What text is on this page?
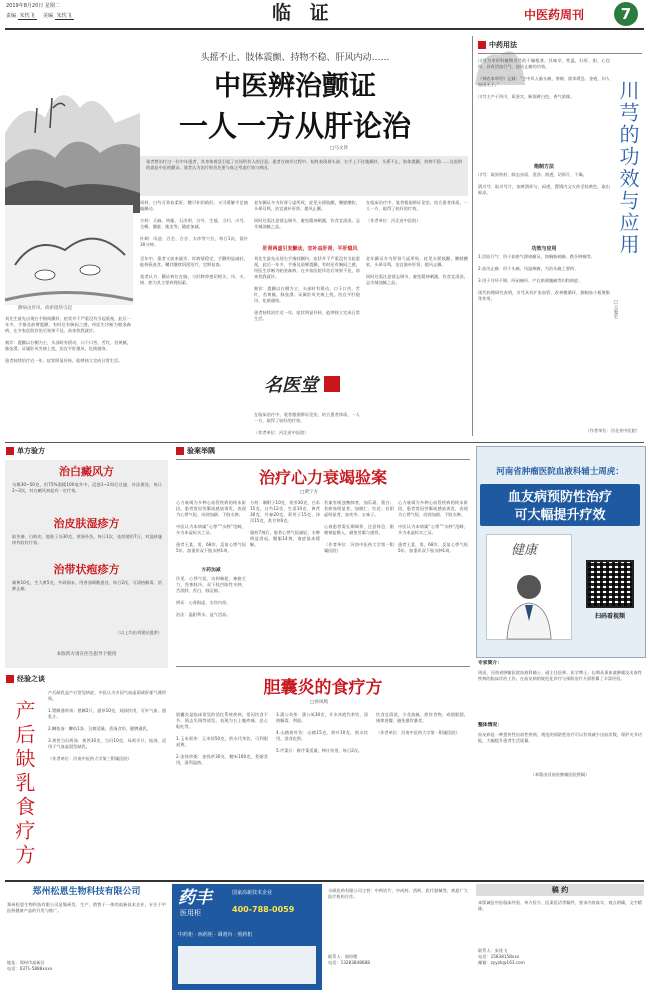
2019年8月20日 星期二
责编 朱忱飞 美编 朱忱飞	临 证	中医药周刊	7
头摇不止、肢体震颤、持物不稳、肝风内动……
中医辨治颤证
一人一方从肝论治
□马文侠
笔者曾治疗过一位中年患者，其身体着急引起了在场所有人的注意。患者在接诊过程中，始终表现着头部、右手上不住地颤抖，头摇不止、肢体震颤、持物不稳……这说明的就是中医的颤证。笔者认为治疗时首先要与真正考虑疗效与病因。
颤病由肝风、痰瘀阻络引起
刘先生最先出现右手指间颤抖，症状并不严重没有引起重视，此后一年多，手指及前臂震颤，有时还有胸闷之感，经医生诊断为帕金森病，在多家医院诊治后效果不佳，前来找我就诊。

刻诊：震颤以右侧为主，头部时有摇动，口干口苦，舌红，苔黄腻，脉弦滑。证属肝风夹痰上扰，治宜平肝熄风、化痰通络。

患者持续治疗近一年，症状明显好转，能够独立完成日常生活。
同样，白芍可养血柔肝，酸可补阴助肝。又可缓解手足抽搐颤动。

方药：天麻、钩藤、石决明、白芍、生地、当归、川芎、全蝎、僵蚕、地龙等，随症加减。

针刺：风池、百会、合谷、太冲等穴位，每日1次，留针30分钟。
老年颤证多为肝肾亏虚所致，症见头摇肢颤，腰膝酸软，头晕耳鸣，治宜滋补肝肾、熄风止颤。

同时还需注意情志调节，避免精神刺激，饮食宜清淡，忌辛辣油腻之品。
在临床治疗中，笔者根据辨证论治，结合患者体质，一人一方，取得了较好的疗效。

（作者单位：河北省中医院）
肝肾两虚引发颤动，宜补益肝肾、平肝熄风
至年中，患者又前来就诊，诉病情稳定，手颤明显减轻，能持筷进食。嘱其继续巩固治疗，定期复查。

笔者认为：颤证病位在脑，与肝脾肾密切相关，风、火、痰、瘀为其主要病理因素。
刘先生最先出现右手指间颤抖，症状并不严重没有引起重视，此后一年多，手指及前臂震颤，有时还有胸闷之感，经医生诊断为帕金森病，在多家医院诊治后效果不佳，前来找我就诊。

刻诊：震颤以右侧为主，头部时有摇动，口干口苦，舌红，苔黄腻，脉弦滑。证属肝风夹痰上扰，治宜平肝熄风、化痰通络。

患者持续治疗近一年，症状明显好转，能够独立完成日常生活。
老年颤证多为肝肾亏虚所致，症见头摇肢颤，腰膝酸软，头晕耳鸣，治宜滋补肝肾、熄风止颤。

同时还需注意情志调节，避免精神刺激，饮食宜清淡，忌辛辣油腻之品。
名医堂
在临床治疗中，笔者根据辨证论治，结合患者体质，一人一方，取得了较好的疗效。

（作者单位：河北省中医院）
中药用法
川芎的功效与应用
□王爱宏
川芎为伞形科植物川芎的干燥根茎。其味辛，性温，归肝、胆、心包经。具有活血行气、祛风止痛的功效。

《神农本草经》记载：“主中风入脑头痛，寒痹，筋挛缓急，金疮，妇人血闭无子。”

川芎主产于四川，质坚实，断面黄白色，香气浓郁。
炮制方法
川芎：取原药材，除去杂质，洗净，润透，切厚片，干燥。

酒川芎：取川芎片，加黄酒拌匀，闷透，置锅内文火炒至棕黄色，取出晾凉。
功效与应用
1.活血行气：用于血瘀气滞诸痛证，如胸胁刺痛、跌仆肿痛等。

2.祛风止痛：用于头痛、风湿痹痛，为治头痛之要药。

3.用于月经不调、经闭痛经、产后瘀滞腹痛等妇科病症。

现代药理研究表明，川芎具有扩张血管、改善微循环、抑制血小板聚集等作用。
（作者单位：河北省中医院）
单方验方
治白癜风方
乌梅30~50克，用75%酒精100毫升中，浸泡1~2周后过滤，外涂患处，每日2~3次，对白癜风初起有一定疗效。
治皮肤湿疹方
取苦参、白鲜皮、地肤子各30克，煎汤外洗，每日1次，连续使用7日，对湿疹瘙痒有较好疗效。
治带状疱疹方
雄黄10克、生大黄5克，共研细末，用香油调敷患处，每日2次，可清热解毒、消肿止痛。
（以上均由刘建民提供）
本版药方请在医生指导下使用
验案举隅
治疗心力衰竭验案
□黄宁方
心力衰竭为多种心血管疾病的终末阶段，患者常因劳累或感染诱发，表现为心悸气短、动则加剧、下肢水肿。

中医认为本病属“心悸”“水肿”范畴，多为本虚标实之证。

患者王某，男，68岁，反复心悸气短5年，加重伴双下肢水肿1周。
方药加减
诊见：心悸气短，动则喘促，神疲乏力，畏寒肢冷，双下肢凹陷性水肿，舌淡胖，苔白，脉沉细。

辨证：心肾阳虚，水饮内停。

治法：温阳利水，益气活血。
方药：制附子10克、茯苓30克、白术15克、白芍12克、生姜10克、黄芪30克、丹参20克、葶苈子15克、泽泻15克、炙甘草6克。

服药7剂后，患者心悸气短减轻，水肿明显消退。继服14剂，诸症基本缓解。
若兼有痰浊壅肺者，加瓜蒌、薤白；若瘀血明显者，加桃仁、红花；若阴虚明显者，加麦冬、五味子。

心衰患者需长期调养，注意休息，限制钠盐摄入，避免劳累与感冒。

（作者单位：河南中医药大学第一附属医院）
心力衰竭为多种心血管疾病的终末阶段，患者常因劳累或感染诱发，表现为心悸气短、动则加剧、下肢水肿。

中医认为本病属“心悸”“水肿”范畴，多为本虚标实之证。

患者王某，男，68岁，反复心悸气短5年，加重伴双下肢水肿1周。
河南省肿瘤医院血液科辅士周虎：
血友病预防性治疗
可大幅提升疗效
健康
扫码看视频
专家简介：
周虎，河南省肿瘤医院血液科辅士、副主任医师，医学博士。长期从事血液肿瘤及出血性疾病的临床诊治工作，在血友病的规范化诊疗与预防治疗方面积累了丰富经验。
整体情况：
血友病是一种遗传性出血性疾病，规范的预防性治疗可以有效减少出血次数，保护关节功能，大幅提升患者生活质量。
（本版由河南省肿瘤医院供稿）
经验之谈
产后缺乳食疗方
产后缺乳是产后常见病症，中医认为多因气血虚弱或肝郁气滞所致。

1.猪蹄通草汤：猪蹄2只、通草10克，炖汤饮用，可补气血、通乳汁。

2.鲫鱼汤：鲫鱼1条、豆腐适量，煮汤食用，健脾通乳。

3.黄芪当归鸡汤：黄芪30克、当归10克、母鸡半只，炖汤，适用于气血虚弱型缺乳。

（作者单位：河南中医药大学第三附属医院）
胆囊炎的食疗方
□孙凤鸣
胆囊炎是临床常见的消化系统疾病，常因饮食不节、情志失调等诱发，表现为右上腹疼痛、恶心呕吐等。

1.玉米须茶：玉米须50克，煎水代茶饮，可利胆退黄。

2.金钱草粥：金钱草30克、粳米100克，煮粥食用，清利湿热。
3.蒲公英茶：蒲公英30克，开水冲泡代茶饮，清热解毒、利胆。

4.山楂荷叶饮：山楂15克、荷叶10克，煎水饮用，消食化积。

5.芹菜汁：鲜芹菜适量，榨汁饮用，每日2次。
饮食宜清淡，少食油腻、煎炸食物，戒烟限酒，规律进餐，避免暴饮暴食。

（作者单位：河南中医药大学第一附属医院）
郑州松恩生物科技有限公司
郑州松恩生物科技有限公司是集研发、生产、销售于一体的高新技术企业，专注于中医药健康产品的开发与推广。
地址：郑州市高新区
电话：0371-5888xxxx
药丰
医用柜
国家高新技术企业
400-788-0059
中药柜 · 西药柜 · 调剂台 · 煎药机
丰硕医药有限公司主营：中药饮片、中成药、西药、医疗器械等，欢迎广大医疗机构合作。
联系人：郭经理
电话：13283848688
稿 约
本版诚征中医临床经验、单方验方、医案医话等稿件，要求内容真实、观点明确，文字精练。
联系人：朱忱飞
电话：15838158xxx
邮箱：zyyzk@163.com
